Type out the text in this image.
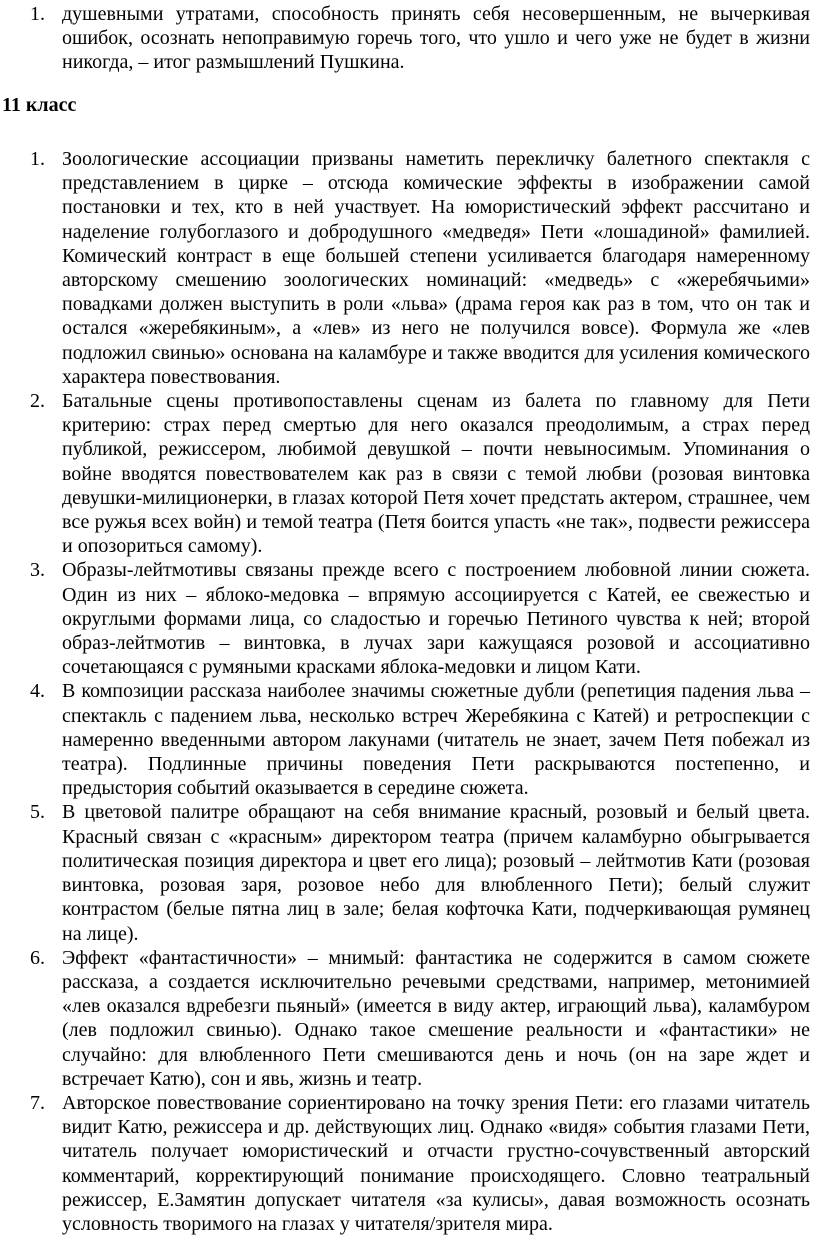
1. душевными утратами, способность принять себя несовершенным, не вычеркивая ошибок, осознать непоправимую горечь того, что ушло и чего уже не будет в жизни никогда, – итог размышлений Пушкина.
11 класс
1. Зоологические ассоциации призваны наметить перекличку балетного спектакля с представлением в цирке – отсюда комические эффекты в изображении самой постановки и тех, кто в ней участвует. На юмористический эффект рассчитано и наделение голубоглазого и добродушного «медведя» Пети «лошадиной» фамилией. Комический контраст в еще большей степени усиливается благодаря намеренному авторскому смешению зоологических номинаций: «медведь» с «жеребячьими» повадками должен выступить в роли «льва» (драма героя как раз в том, что он так и остался «жеребякиным», а «лев» из него не получился вовсе). Формула же «лев подложил свинью» основана на каламбуре и также вводится для усиления комического характера повествования.
2. Батальные сцены противопоставлены сценам из балета по главному для Пети критерию: страх перед смертью для него оказался преодолимым, а страх перед публикой, режиссером, любимой девушкой – почти невыносимым. Упоминания о войне вводятся повествователем как раз в связи с темой любви (розовая винтовка девушки-милиционерки, в глазах которой Петя хочет предстать актером, страшнее, чем все ружья всех войн) и темой театра (Петя боится упасть «не так», подвести режиссера и опозориться самому).
3. Образы-лейтмотивы связаны прежде всего с построением любовной линии сюжета. Один из них – яблоко-медовка – впрямую ассоциируется с Катей, ее свежестью и округлыми формами лица, со сладостью и горечью Петиного чувства к ней; второй образ-лейтмотив – винтовка, в лучах зари кажущаяся розовой и ассоциативно сочетающаяся с румяными красками яблока-медовки и лицом Кати.
4. В композиции рассказа наиболее значимы сюжетные дубли (репетиция падения льва – спектакль с падением льва, несколько встреч Жеребякина с Катей) и ретроспекции с намеренно введенными автором лакунами (читатель не знает, зачем Петя побежал из театра). Подлинные причины поведения Пети раскрываются постепенно, и предыстория событий оказывается в середине сюжета.
5. В цветовой палитре обращают на себя внимание красный, розовый и белый цвета. Красный связан с «красным» директором театра (причем каламбурно обыгрывается политическая позиция директора и цвет его лица); розовый – лейтмотив Кати (розовая винтовка, розовая заря, розовое небо для влюбленного Пети); белый служит контрастом (белые пятна лиц в зале; белая кофточка Кати, подчеркивающая румянец на лице).
6. Эффект «фантастичности» – мнимый: фантастика не содержится в самом сюжете рассказа, а создается исключительно речевыми средствами, например, метонимией «лев оказался вдребезги пьяный» (имеется в виду актер, играющий льва), каламбуром (лев подложил свинью). Однако такое смешение реальности и «фантастики» не случайно: для влюбленного Пети смешиваются день и ночь (он на заре ждет и встречает Катю), сон и явь, жизнь и театр.
7. Авторское повествование сориентировано на точку зрения Пети: его глазами читатель видит Катю, режиссера и др. действующих лиц. Однако «видя» события глазами Пети, читатель получает юмористический и отчасти грустно-сочувственный авторский комментарий, корректирующий понимание происходящего. Словно театральный режиссер, Е.Замятин допускает читателя «за кулисы», давая возможность осознать условность творимого на глазах у читателя/зрителя мира.
